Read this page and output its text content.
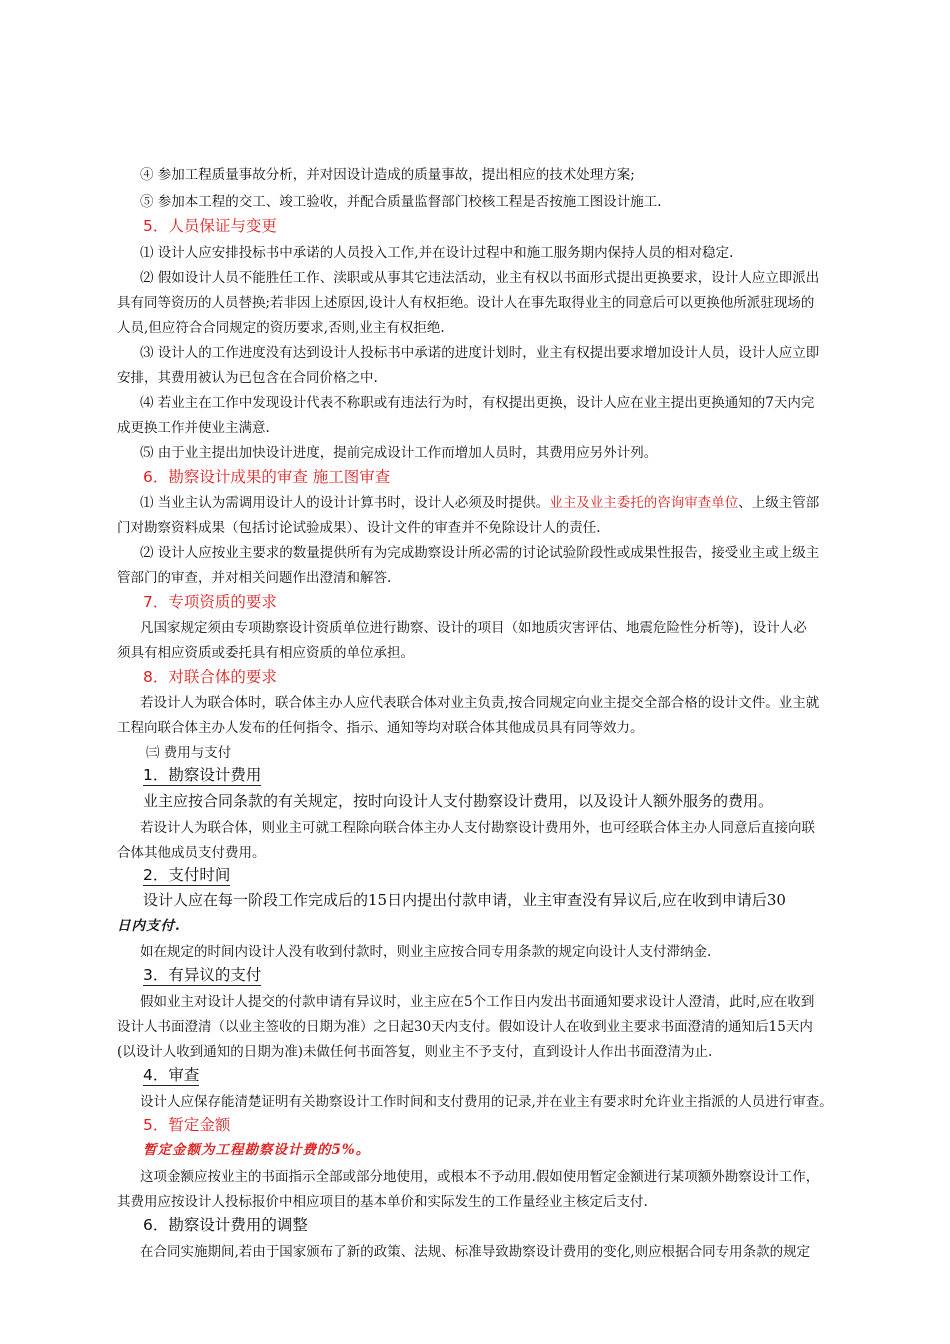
④ 参加工程质量事故分析，并对因设计造成的质量事故，提出相应的技术处理方案;
⑤ 参加本工程的交工、竣工验收，并配合质量监督部门校核工程是否按施工图设计施工.
5．人员保证与变更
⑴ 设计人应安排投标书中承诺的人员投入工作,并在设计过程中和施工服务期内保持人员的相对稳定.
⑵ 假如设计人员不能胜任工作、渎职或从事其它违法活动，业主有权以书面形式提出更换要求，设计人应立即派出
具有同等资历的人员替换;若非因上述原因,设计人有权拒绝。设计人在事先取得业主的同意后可以更换他所派驻现场的
人员,但应符合合同规定的资历要求,否则,业主有权拒绝.
⑶ 设计人的工作进度没有达到设计人投标书中承诺的进度计划时，业主有权提出要求增加设计人员，设计人应立即
安排，其费用被认为已包含在合同价格之中.
⑷ 若业主在工作中发现设计代表不称职或有违法行为时，有权提出更换，设计人应在业主提出更换通知的7天内完
成更换工作并使业主满意.
⑸ 由于业主提出加快设计进度，提前完成设计工作而增加人员时，其费用应另外计列。
6．勘察设计成果的审查 施工图审查
⑴ 当业主认为需调用设计人的设计计算书时，设计人必须及时提供。业主及业主委托的咨询审查单位、上级主管部
门对勘察资料成果（包括讨论试验成果）、设计文件的审查并不免除设计人的责任.
⑵ 设计人应按业主要求的数量提供所有为完成勘察设计所必需的讨论试验阶段性或成果性报告，接受业主或上级主
管部门的审查，并对相关问题作出澄清和解答.
7．专项资质的要求
凡国家规定须由专项勘察设计资质单位进行勘察、设计的项目（如地质灾害评估、地震危险性分析等)，设计人必
须具有相应资质或委托具有相应资质的单位承担。
8．对联合体的要求
若设计人为联合体时，联合体主办人应代表联合体对业主负责,按合同规定向业主提交全部合格的设计文件。业主就
工程向联合体主办人发布的任何指令、指示、通知等均对联合体其他成员具有同等效力。
㈢ 费用与支付
1．勘察设计费用
业主应按合同条款的有关规定，按时向设计人支付勘察设计费用，以及设计人额外服务的费用。
若设计人为联合体，则业主可就工程除向联合体主办人支付勘察设计费用外，也可经联合体主办人同意后直接向联
合体其他成员支付费用。
2．支付时间
设计人应在每一阶段工作完成后的15日内提出付款申请，业主审查没有异议后,应在收到申请后30
日内支付.
如在规定的时间内设计人没有收到付款时，则业主应按合同专用条款的规定向设计人支付滞纳金.
3．有异议的支付
假如业主对设计人提交的付款申请有异议时，业主应在5个工作日内发出书面通知要求设计人澄清，此时,应在收到
设计人书面澄清（以业主签收的日期为准）之日起30天内支付。假如设计人在收到业主要求书面澄清的通知后15天内
(以设计人收到通知的日期为准)未做任何书面答复，则业主不予支付，直到设计人作出书面澄清为止.
4．审查
设计人应保存能清楚证明有关勘察设计工作时间和支付费用的记录,并在业主有要求时允许业主指派的人员进行审查。
5．暂定金额
暂定金额为工程勘察设计费的5%。
这项金额应按业主的书面指示全部或部分地使用，或根本不予动用.假如使用暂定金额进行某项额外勘察设计工作，
其费用应按设计人投标报价中相应项目的基本单价和实际发生的工作量经业主核定后支付.
6．勘察设计费用的调整
在合同实施期间,若由于国家颁布了新的政策、法规、标准导致勘察设计费用的变化,则应根据合同专用条款的规定
